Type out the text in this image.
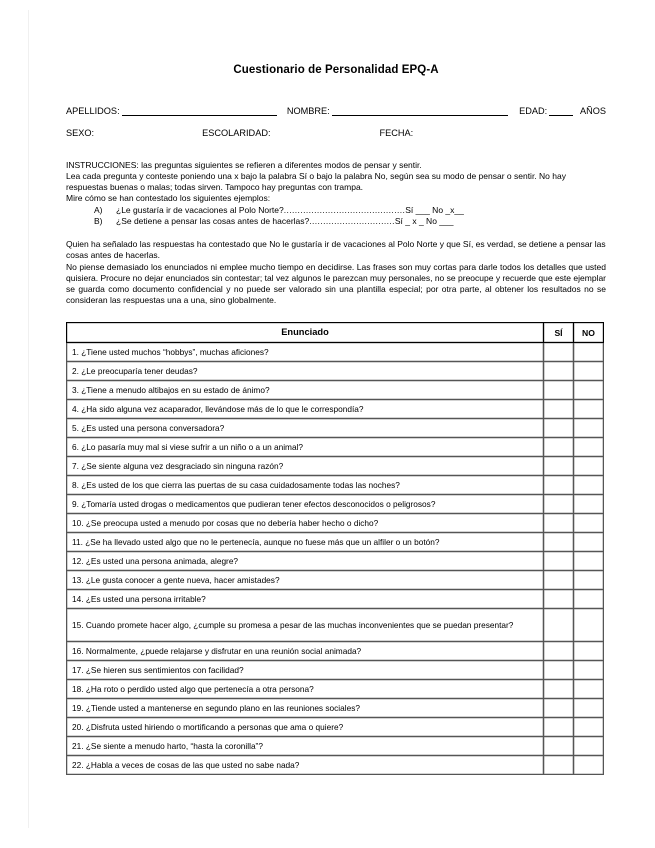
Cuestionario de Personalidad EPQ-A
APELLIDOS:	NOMBRE:	EDAD:	AÑOS
SEXO:	ESCOLARIDAD:	FECHA:

INSTRUCCIONES: las preguntas siguientes se refieren a diferentes modos de pensar y sentir.

Lea cada pregunta y conteste poniendo una x bajo la palabra Sí o bajo la palabra No, según sea su modo de pensar o sentir. No hay respuestas buenas o malas; todas sirven. Tampoco hay preguntas con trampa.

Mire cómo se han contestado los siguientes ejemplos:

A)	¿Le gustaría ir de vacaciones al Polo Norte? ............................................ Sí ___ No _x__
B)	¿Se detiene a pensar las cosas antes de hacerlas? ............................... Sí _ x _ No ___

Quien ha señalado las respuestas ha contestado que No le gustaría ir de vacaciones al Polo Norte y que Sí, es verdad, se detiene a pensar las cosas antes de hacerlas.

No piense demasiado los enunciados ni emplee mucho tiempo en decidirse. Las frases son muy cortas para darle todos los detalles que usted quisiera. Procure no dejar enunciados sin contestar; tal vez algunos le parezcan muy personales, no se preocupe y recuerde que este ejemplar se guarda como documento confidencial y no puede ser valorado sin una plantilla especial; por otra parte, al obtener los resultados no se consideran las respuestas una a una, sino globalmente.

Enunciado	SÍ	NO
1. ¿Tiene usted muchos “hobbys”, muchas aficiones?		
2. ¿Le preocuparía tener deudas?		
3. ¿Tiene a menudo altibajos en su estado de ánimo?		
4. ¿Ha sido alguna vez acaparador, llevándose más de lo que le correspondía?		
5. ¿Es usted una persona conversadora?		
6. ¿Lo pasaría muy mal si viese sufrir a un niño o a un animal?		
7. ¿Se siente alguna vez desgraciado sin ninguna razón?		
8. ¿Es usted de los que cierra las puertas de su casa cuidadosamente todas las noches?		
9. ¿Tomaría usted drogas o medicamentos que pudieran tener efectos desconocidos o peligrosos?		
10. ¿Se preocupa usted a menudo por cosas que no debería haber hecho o dicho?		
11. ¿Se ha llevado usted algo que no le pertenecía, aunque no fuese más que un alfiler o un botón?		
12. ¿Es usted una persona animada, alegre?		
13. ¿Le gusta conocer a gente nueva, hacer amistades?		
14. ¿Es usted una persona irritable?		
15. Cuando promete hacer algo, ¿cumple su promesa a pesar de las muchas inconvenientes que se puedan presentar?		
16. Normalmente, ¿puede relajarse y disfrutar en una reunión social animada?		
17. ¿Se hieren sus sentimientos con facilidad?		
18. ¿Ha roto o perdido usted algo que pertenecía a otra persona?		
19. ¿Tiende usted a mantenerse en segundo plano en las reuniones sociales?		
20. ¿Disfruta usted hiriendo o mortificando a personas que ama o quiere?		
21. ¿Se siente a menudo harto, “hasta la coronilla”?		
22. ¿Habla a veces de cosas de las que usted no sabe nada?		
